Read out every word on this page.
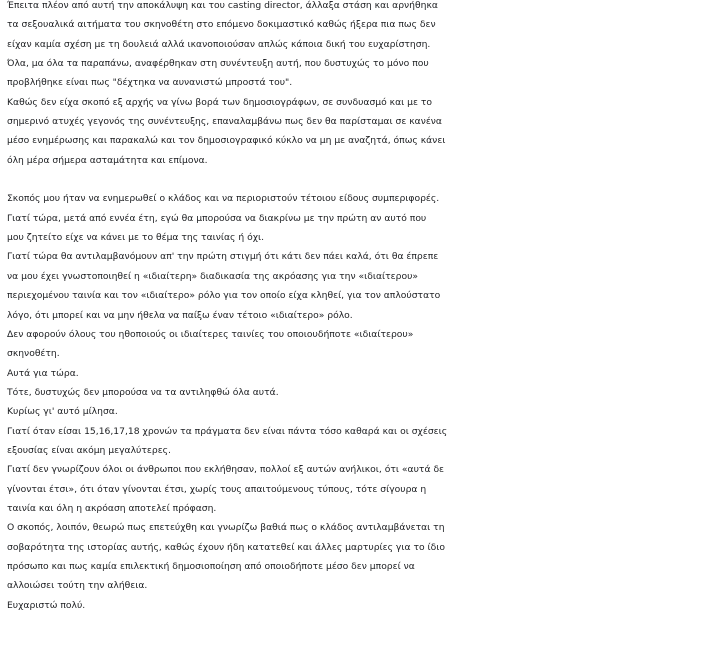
Έπειτα πλέον από αυτή την αποκάλυψη και του casting director, άλλαξα στάση και αρνήθηκα
τα σεξουαλικά αιτήματα του σκηνοθέτη στο επόμενο δοκιμαστικό καθώς ήξερα πια πως δεν
είχαν καμία σχέση με τη δουλειά αλλά ικανοποιούσαν απλώς κάποια δική του ευχαρίστηση.
Όλα, μα όλα τα παραπάνω, αναφέρθηκαν στη συνέντευξη αυτή, που δυστυχώς το μόνο που
προβλήθηκε είναι πως "δέχτηκα να αυνανιστώ μπροστά του".
Καθώς δεν είχα σκοπό εξ αρχής να γίνω βορά των δημοσιογράφων, σε συνδυασμό και με το
σημερινό ατυχές γεγονός της συνέντευξης, επαναλαμβάνω πως δεν θα παρίσταμαι σε κανένα
μέσο ενημέρωσης και παρακαλώ και τον δημοσιογραφικό κύκλο να μη με αναζητά, όπως κάνει
όλη μέρα σήμερα ασταμάτητα και επίμονα.
Σκοπός μου ήταν να ενημερωθεί ο κλάδος και να περιοριστούν τέτοιου είδους συμπεριφορές.
Γιατί τώρα, μετά από εννέα έτη, εγώ θα μπορούσα να διακρίνω με την πρώτη αν αυτό που
μου ζητείτο είχε να κάνει με το θέμα της ταινίας ή όχι.
Γιατί τώρα θα αντιλαμβανόμουν απ' την πρώτη στιγμή ότι κάτι δεν πάει καλά, ότι θα έπρεπε
να μου έχει γνωστοποιηθεί η «ιδιαίτερη» διαδικασία της ακρόασης για την «ιδιαίτερου»
περιεχομένου ταινία και τον «ιδιαίτερο» ρόλο για τον οποίο είχα κληθεί, για τον απλούστατο
λόγο, ότι μπορεί και να μην ήθελα να παίξω έναν τέτοιο «ιδιαίτερο» ρόλο.
Δεν αφορούν όλους του ηθοποιούς οι ιδιαίτερες ταινίες του οποιουδήποτε «ιδιαίτερου»
σκηνοθέτη.
Αυτά για τώρα.
Τότε, δυστυχώς δεν μπορούσα να τα αντιληφθώ όλα αυτά.
Κυρίως γι' αυτό μίλησα.
Γιατί όταν είσαι 15,16,17,18 χρονών τα πράγματα δεν είναι πάντα τόσο καθαρά και οι σχέσεις
εξουσίας είναι ακόμη μεγαλύτερες.
Γιατί δεν γνωρίζουν όλοι οι άνθρωποι που εκλήθησαν, πολλοί εξ αυτών ανήλικοι, ότι «αυτά δε
γίνονται έτσι», ότι όταν γίνονται έτσι, χωρίς τους απαιτούμενους τύπους, τότε σίγουρα η
ταινία και όλη η ακρόαση αποτελεί πρόφαση.
Ο σκοπός, λοιπόν, θεωρώ πως επετεύχθη και γνωρίζω βαθιά πως ο κλάδος αντιλαμβάνεται τη
σοβαρότητα της ιστορίας αυτής, καθώς έχουν ήδη κατατεθεί και άλλες μαρτυρίες για το ίδιο
πρόσωπο και πως καμία επιλεκτική δημοσιοποίηση από οποιοδήποτε μέσο δεν μπορεί να
αλλοιώσει τούτη την αλήθεια.
Ευχαριστώ πολύ.
